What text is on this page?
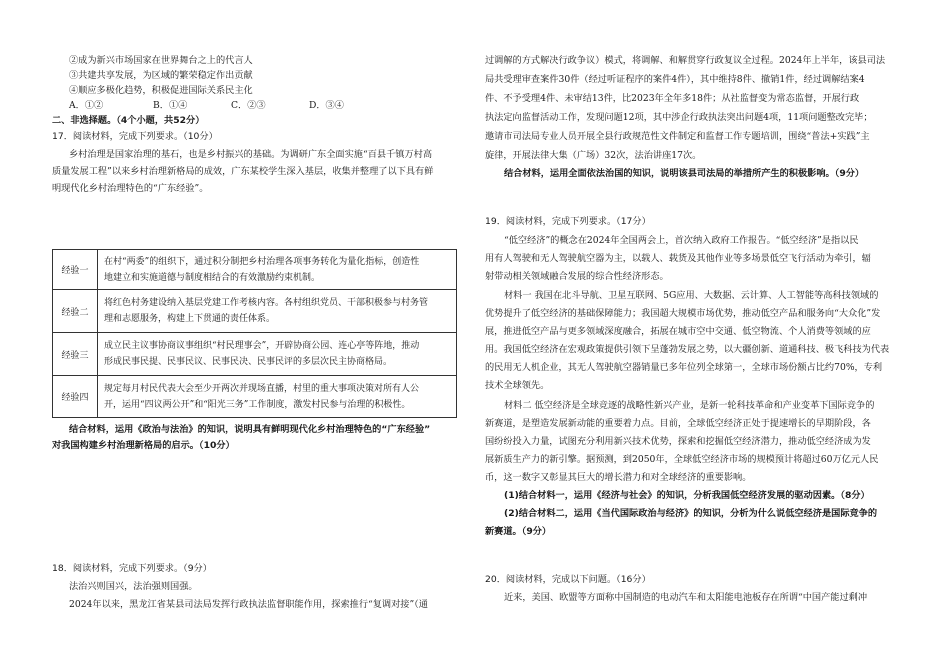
②成为新兴市场国家在世界舞台之上的代言人
③共建共享发展，为区域的繁荣稳定作出贡献
④顺应多极化趋势，积极促进国际关系民主化
A．①②	B．①④	C．②③	D．③④
二、非选择题。（4个小题，共52分）
17．阅读材料，完成下列要求。（10分）
乡村治理是国家治理的基石，也是乡村振兴的基础。为调研广东全面实施“百县千镇万村高
质量发展工程”以来乡村治理新格局的成效，广东某校学生深入基层，收集并整理了以下具有鲜
明现代化乡村治理特色的“广东经验”。
经验一	在村“两委”的组织下，通过积分制把乡村治理各项事务转化为量化指标，创造性
地建立和实施道德与制度相结合的有效激励约束机制。

经验二	将红色村务建设纳入基层党建工作考核内容。各村组织党员、干部积极参与村务管
理和志愿服务，构建上下贯通的责任体系。

经验三	成立民主议事协商议事组织“村民理事会”，开辟协商公园、连心亭等阵地，推动
形成民事民提、民事民议、民事民决、民事民评的多层次民主协商格局。

经验四	规定每月村民代表大会至少开两次并现场直播，村里的重大事项决策对所有人公
开，运用“四议两公开”和“阳光三务”工作制度，激发村民参与治理的积极性。
结合材料，运用《政治与法治》的知识，说明具有鲜明现代化乡村治理特色的“广东经验”
对我国构建乡村治理新格局的启示。（10分）
18．阅读材料，完成下列要求。（9分）
法治兴则国兴，法治强则国强。
2024年以来，黑龙江省某县司法局发挥行政执法监督职能作用，探索推行“复调对接”（通
过调解的方式解决行政争议）模式，将调解、和解贯穿行政复议全过程。2024年上半年，该县司法
局共受理审查案件30件（经过听证程序的案件4件），其中维持8件、撤销1件，经过调解结案4
件、不予受理4件、未审结13件，比2023年全年多18件；从社监督变为常态监督，开展行政
执法定向监督活动工作，发现问题12项，其中涉企行政执法突出问题4项，11项问题整改完毕；
邀请市司法局专业人员开展全县行政规范性文件制定和监督工作专题培训，围绕“普法+实践”主
旋律，开展法律大集（广场）32次，法治讲座17次。
结合材料，运用全面依法治国的知识，说明该县司法局的举措所产生的积极影响。（9分）
19．阅读材料，完成下列要求。（17分）
“低空经济”的概念在2024年全国两会上，首次纳入政府工作报告。“低空经济”是指以民
用有人驾驶和无人驾驶航空器为主，以载人、载货及其他作业等多场景低空飞行活动为牵引，辐
射带动相关领域融合发展的综合性经济形态。
材料一 我国在北斗导航、卫星互联网、5G应用、大数据、云计算、人工智能等高科技领域的
优势提升了低空经济的基础保障能力；我国超大规模市场优势，推动低空产品和服务向“大众化”发
展，推进低空产品与更多领域深度融合，拓展在城市空中交通、低空物流、个人消费等领域的应
用。我国低空经济在宏观政策提供引领下呈蓬勃发展之势，以大疆创新、道通科技、极飞科技为代表
的民用无人机企业，其无人驾驶航空器销量已多年位列全球第一，全球市场份额占比约70%，专利
技术全球领先。
材料二 低空经济是全球竞逐的战略性新兴产业，是新一轮科技革命和产业变革下国际竞争的
新赛道，是塑造发展新动能的重要着力点。目前，全球低空经济正处于提速增长的早期阶段，各
国纷纷投入力量，试图充分利用新兴技术优势，探索和挖掘低空经济潜力，推动低空经济成为发
展新质生产力的新引擎。据预测，到2050年，全球低空经济市场的规模预计将超过60万亿元人民
币，这一数字又彰显其巨大的增长潜力和对全球经济的重要影响。
(1)结合材料一，运用《经济与社会》的知识，分析我国低空经济发展的驱动因素。（8分）
(2)结合材料二，运用《当代国际政治与经济》的知识，分析为什么说低空经济是国际竞争的
新赛道。（9分）
20．阅读材料，完成以下问题。（16分）
近来，美国、欧盟等方面称中国制造的电动汽车和太阳能电池板存在所谓“中国产能过剩冲
